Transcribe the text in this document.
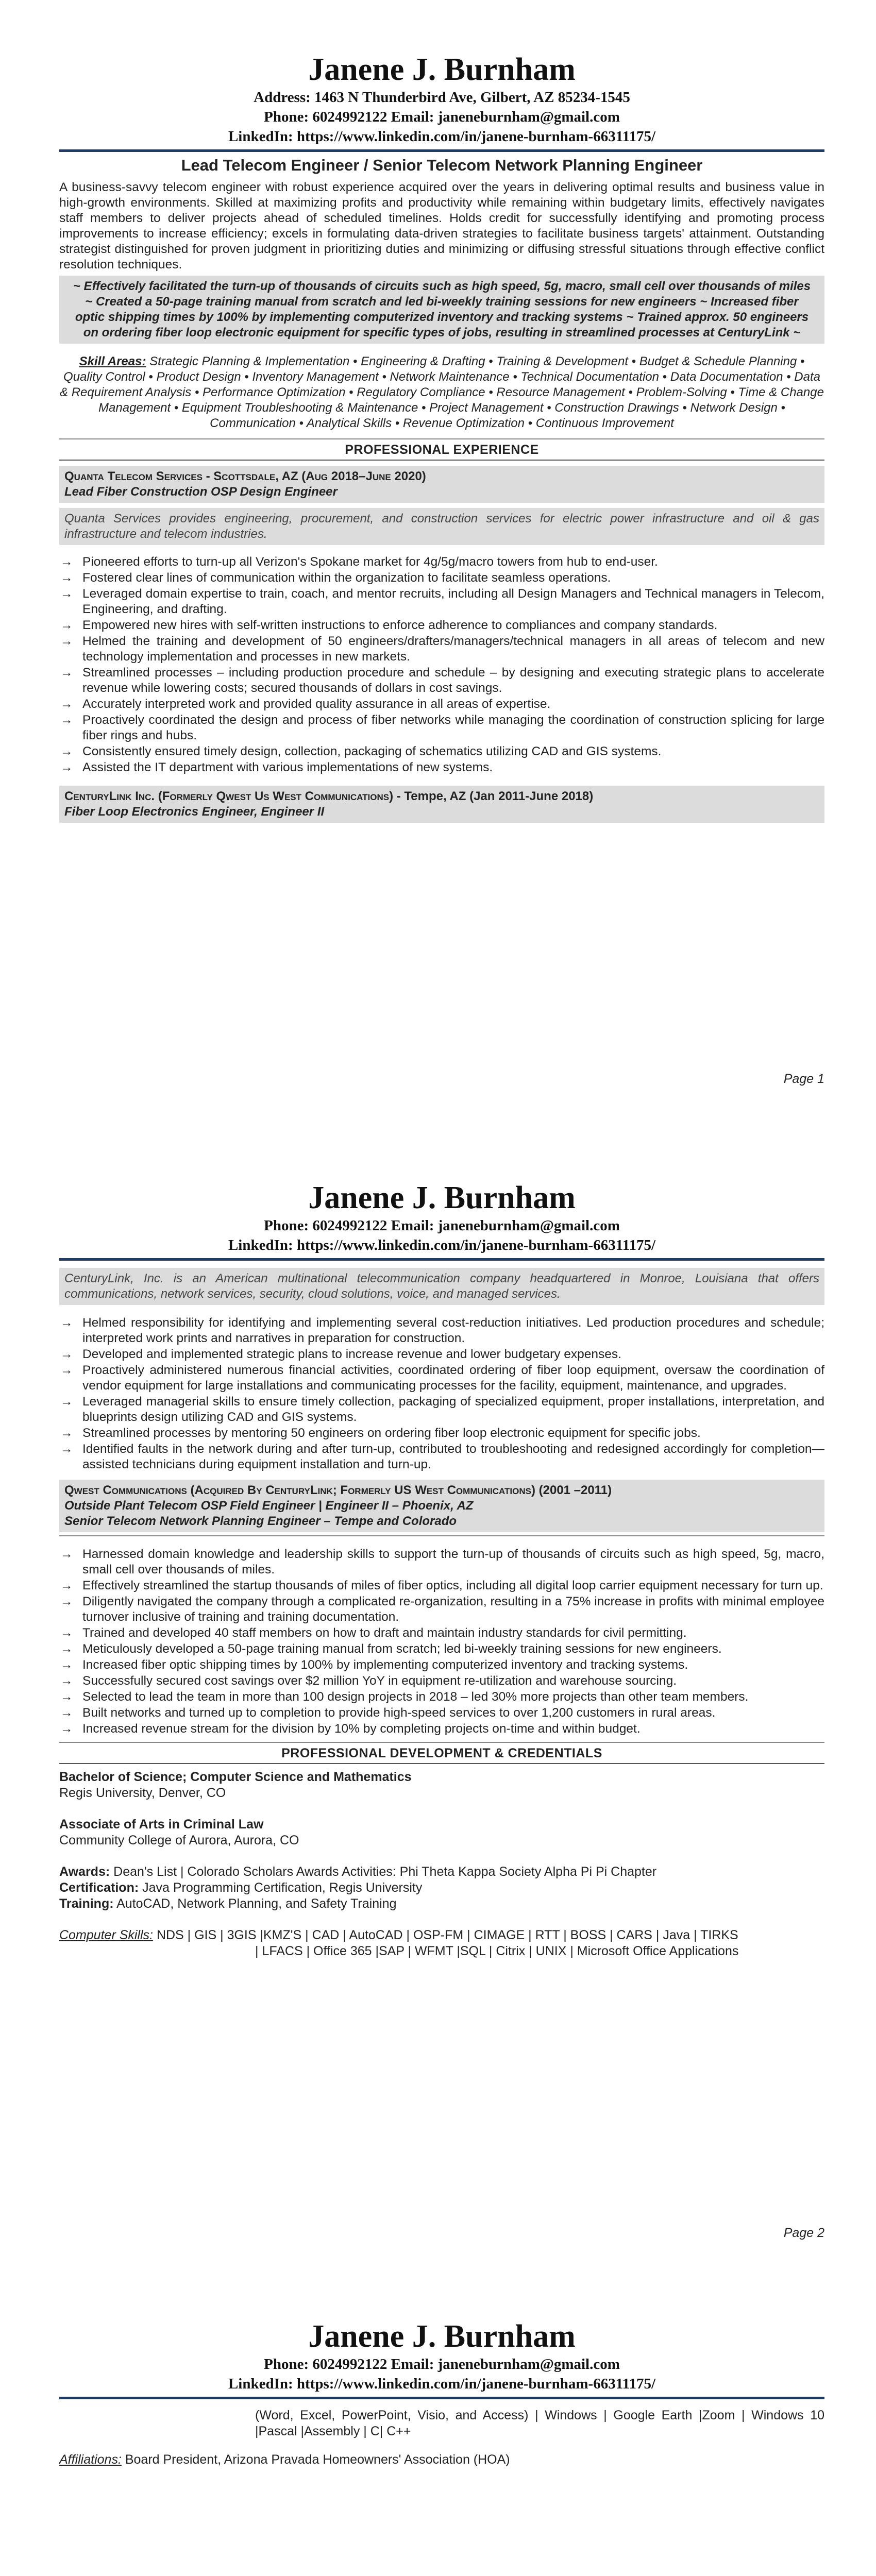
Janene J. Burnham
Address: 1463 N Thunderbird Ave, Gilbert, AZ 85234-1545
Phone: 6024992122 Email: janeneburnham@gmail.com
LinkedIn: https://www.linkedin.com/in/janene-burnham-66311175/
Lead Telecom Engineer / Senior Telecom Network Planning Engineer
A business-savvy telecom engineer with robust experience acquired over the years in delivering optimal results and business value in high-growth environments. Skilled at maximizing profits and productivity while remaining within budgetary limits, effectively navigates staff members to deliver projects ahead of scheduled timelines. Holds credit for successfully identifying and promoting process improvements to increase efficiency; excels in formulating data-driven strategies to facilitate business targets' attainment. Outstanding strategist distinguished for proven judgment in prioritizing duties and minimizing or diffusing stressful situations through effective conflict resolution techniques.
~ Effectively facilitated the turn-up of thousands of circuits such as high speed, 5g, macro, small cell over thousands of miles ~ Created a 50-page training manual from scratch and led bi-weekly training sessions for new engineers ~ Increased fiber optic shipping times by 100% by implementing computerized inventory and tracking systems ~ Trained approx. 50 engineers on ordering fiber loop electronic equipment for specific types of jobs, resulting in streamlined processes at CenturyLink ~
Skill Areas: Strategic Planning & Implementation • Engineering & Drafting • Training & Development • Budget & Schedule Planning • Quality Control • Product Design • Inventory Management • Network Maintenance • Technical Documentation • Data Documentation • Data & Requirement Analysis • Performance Optimization • Regulatory Compliance • Resource Management • Problem-Solving • Time & Change Management • Equipment Troubleshooting & Maintenance • Project Management • Construction Drawings • Network Design • Communication • Analytical Skills • Revenue Optimization • Continuous Improvement
PROFESSIONAL EXPERIENCE
Quanta Telecom Services - Scottsdale, AZ (Aug 2018–June 2020)
Lead Fiber Construction OSP Design Engineer
Quanta Services provides engineering, procurement, and construction services for electric power infrastructure and oil & gas infrastructure and telecom industries.
→ Pioneered efforts to turn-up all Verizon's Spokane market for 4g/5g/macro towers from hub to end-user.
→ Fostered clear lines of communication within the organization to facilitate seamless operations.
→ Leveraged domain expertise to train, coach, and mentor recruits, including all Design Managers and Technical managers in Telecom, Engineering, and drafting.
→ Empowered new hires with self-written instructions to enforce adherence to compliances and company standards.
→ Helmed the training and development of 50 engineers/drafters/managers/technical managers in all areas of telecom and new technology implementation and processes in new markets.
→ Streamlined processes – including production procedure and schedule – by designing and executing strategic plans to accelerate revenue while lowering costs; secured thousands of dollars in cost savings.
→ Accurately interpreted work and provided quality assurance in all areas of expertise.
→ Proactively coordinated the design and process of fiber networks while managing the coordination of construction splicing for large fiber rings and hubs.
→ Consistently ensured timely design, collection, packaging of schematics utilizing CAD and GIS systems.
→ Assisted the IT department with various implementations of new systems.
CenturyLink Inc. (Formerly Qwest Us West Communications) - Tempe, AZ (Jan 2011-June 2018)
Fiber Loop Electronics Engineer, Engineer II
Page 1
Janene J. Burnham
Phone: 6024992122 Email: janeneburnham@gmail.com
LinkedIn: https://www.linkedin.com/in/janene-burnham-66311175/
CenturyLink, Inc. is an American multinational telecommunication company headquartered in Monroe, Louisiana that offers communications, network services, security, cloud solutions, voice, and managed services.
→ Helmed responsibility for identifying and implementing several cost-reduction initiatives. Led production procedures and schedule; interpreted work prints and narratives in preparation for construction.
→ Developed and implemented strategic plans to increase revenue and lower budgetary expenses.
→ Proactively administered numerous financial activities, coordinated ordering of fiber loop equipment, oversaw the coordination of vendor equipment for large installations and communicating processes for the facility, equipment, maintenance, and upgrades.
→ Leveraged managerial skills to ensure timely collection, packaging of specialized equipment, proper installations, interpretation, and blueprints design utilizing CAD and GIS systems.
→ Streamlined processes by mentoring 50 engineers on ordering fiber loop electronic equipment for specific jobs.
→ Identified faults in the network during and after turn-up, contributed to troubleshooting and redesigned accordingly for completion—assisted technicians during equipment installation and turn-up.
Qwest Communications (Acquired By CenturyLink; Formerly US West Communications) (2001 –2011)
Outside Plant Telecom OSP Field Engineer | Engineer II – Phoenix, AZ
Senior Telecom Network Planning Engineer – Tempe and Colorado
→ Harnessed domain knowledge and leadership skills to support the turn-up of thousands of circuits such as high speed, 5g, macro, small cell over thousands of miles.
→ Effectively streamlined the startup thousands of miles of fiber optics, including all digital loop carrier equipment necessary for turn up.
→ Diligently navigated the company through a complicated re-organization, resulting in a 75% increase in profits with minimal employee turnover inclusive of training and training documentation.
→ Trained and developed 40 staff members on how to draft and maintain industry standards for civil permitting.
→ Meticulously developed a 50-page training manual from scratch; led bi-weekly training sessions for new engineers.
→ Increased fiber optic shipping times by 100% by implementing computerized inventory and tracking systems.
→ Successfully secured cost savings over $2 million YoY in equipment re-utilization and warehouse sourcing.
→ Selected to lead the team in more than 100 design projects in 2018 – led 30% more projects than other team members.
→ Built networks and turned up to completion to provide high-speed services to over 1,200 customers in rural areas.
→ Increased revenue stream for the division by 10% by completing projects on-time and within budget.
PROFESSIONAL DEVELOPMENT & CREDENTIALS
Bachelor of Science; Computer Science and Mathematics
Regis University, Denver, CO
Associate of Arts in Criminal Law
Community College of Aurora, Aurora, CO
Awards: Dean's List | Colorado Scholars Awards Activities: Phi Theta Kappa Society Alpha Pi Pi Chapter
Certification: Java Programming Certification, Regis University
Training: AutoCAD, Network Planning, and Safety Training
Computer Skills: NDS | GIS | 3GIS |KMZ'S | CAD | AutoCAD | OSP-FM | CIMAGE | RTT | BOSS | CARS | Java | TIRKS
| LFACS | Office 365 |SAP | WFMT |SQL | Citrix | UNIX | Microsoft Office Applications
Page 2
Janene J. Burnham
Phone: 6024992122 Email: janeneburnham@gmail.com
LinkedIn: https://www.linkedin.com/in/janene-burnham-66311175/
(Word, Excel, PowerPoint, Visio, and Access) | Windows | Google Earth |Zoom | Windows 10 |Pascal |Assembly | C| C++
Affiliations: Board President, Arizona Pravada Homeowners' Association (HOA)
